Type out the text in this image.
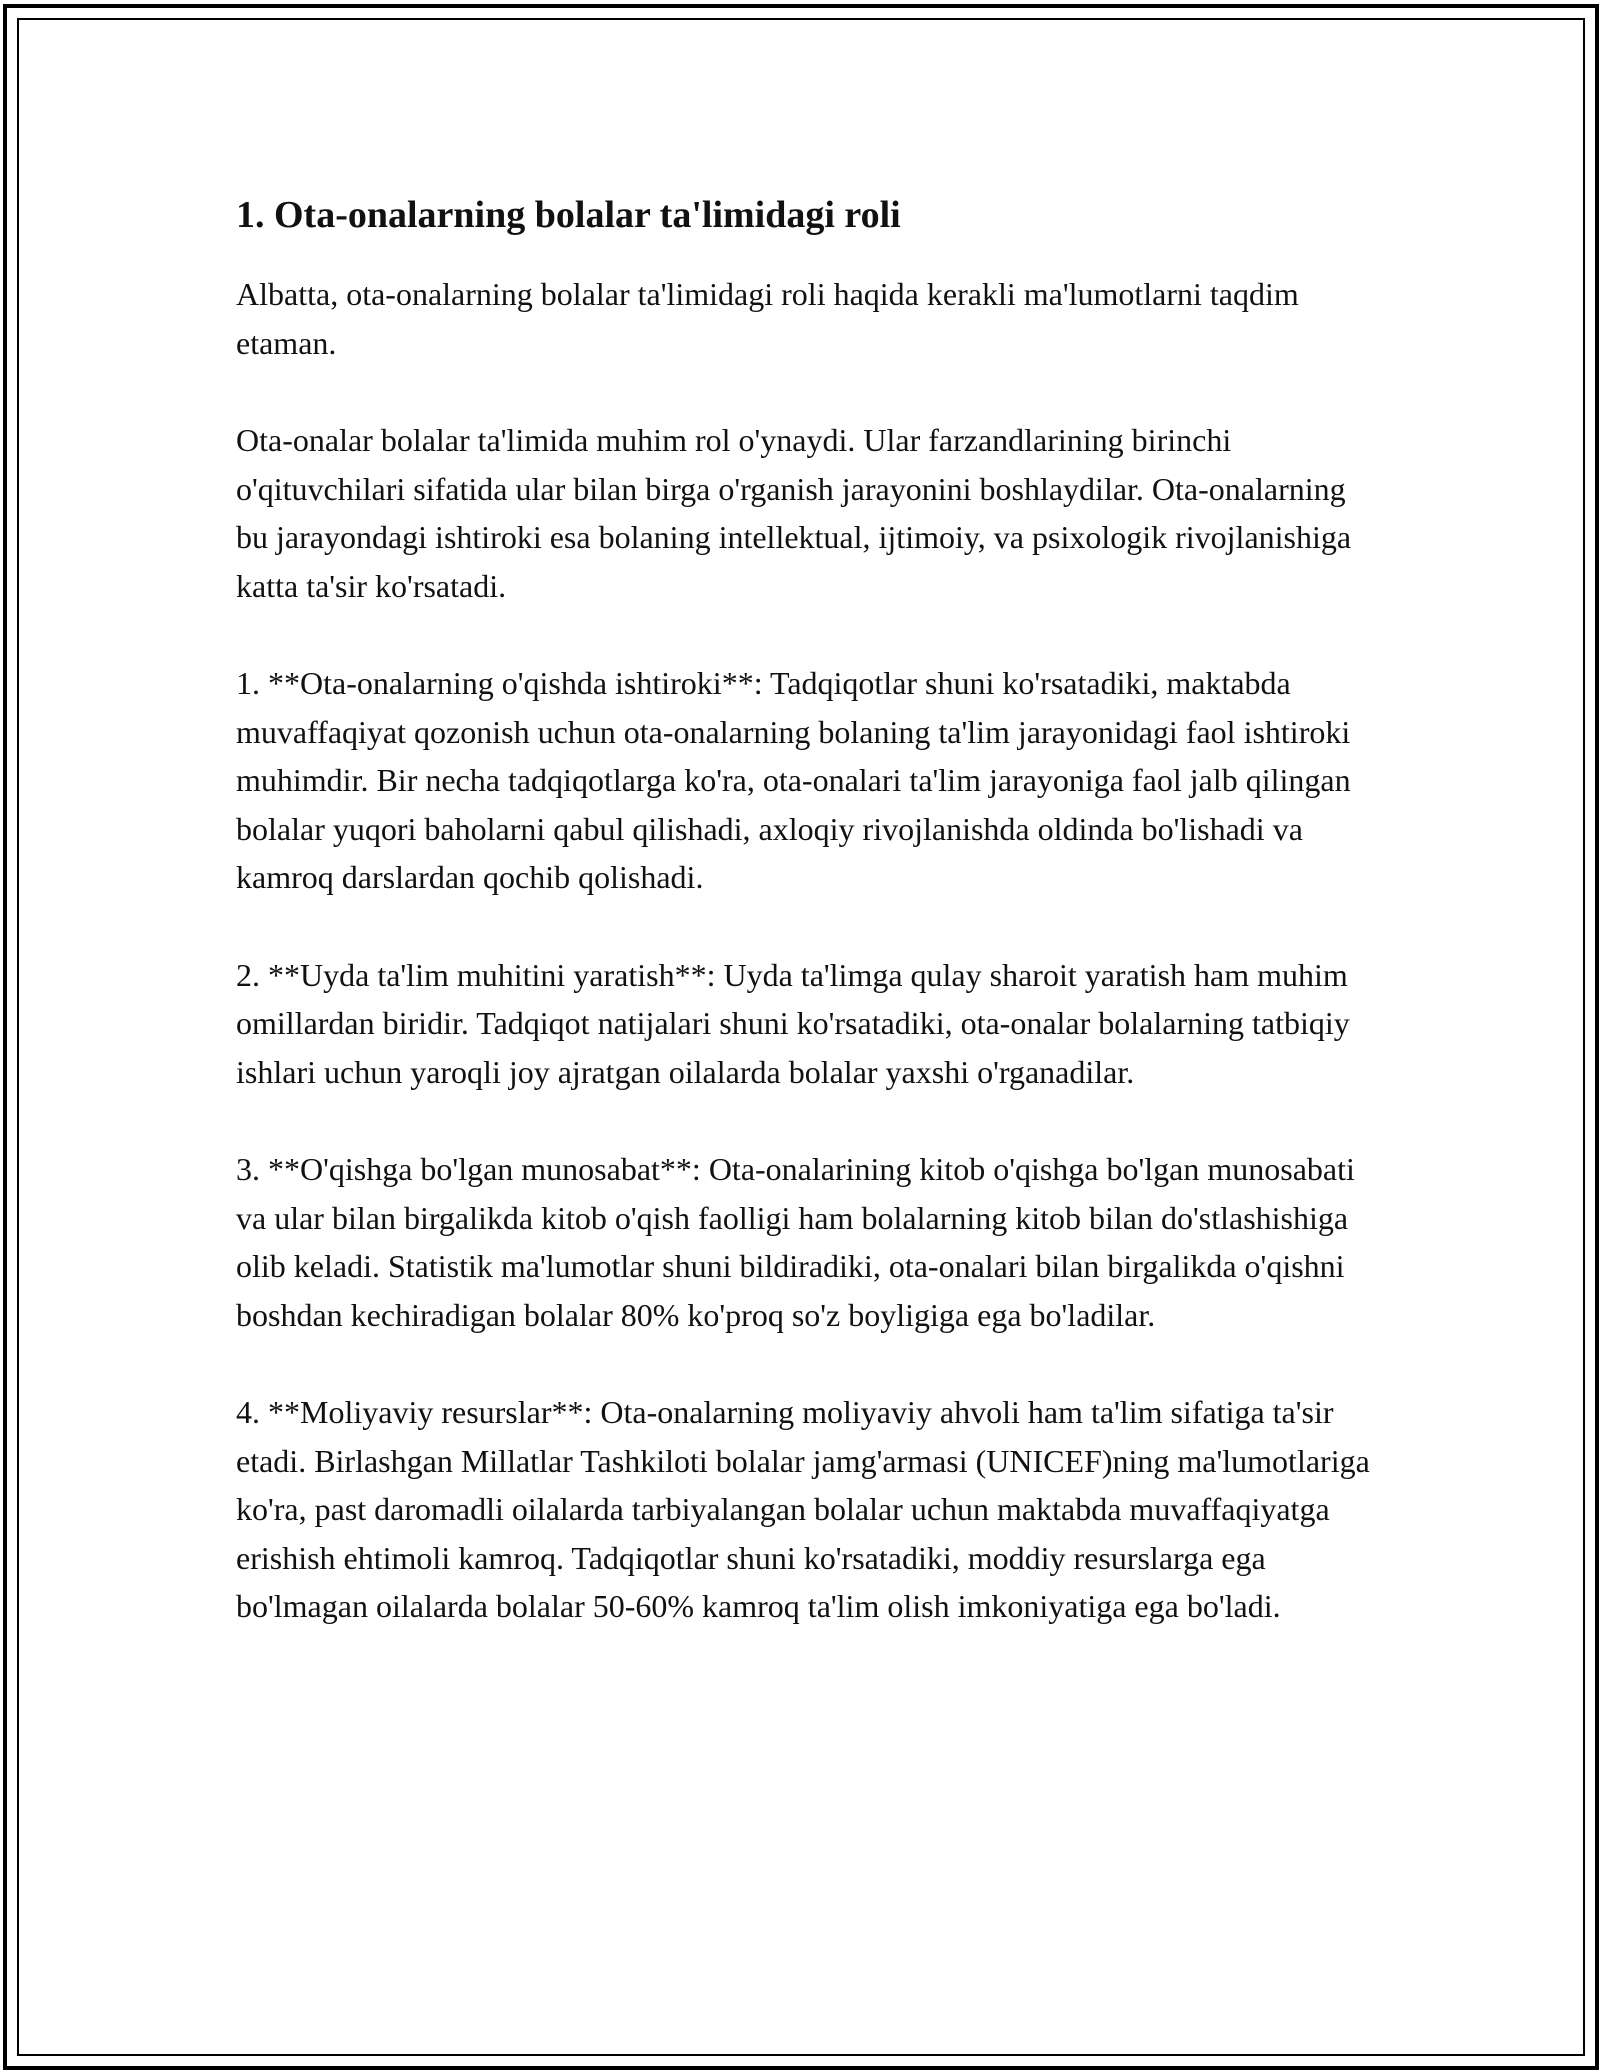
1. Ota-onalarning bolalar ta'limidagi roli

Albatta, ota-onalarning bolalar ta'limidagi roli haqida kerakli ma'lumotlarni taqdim etaman.

Ota-onalar bolalar ta'limida muhim rol o'ynaydi. Ular farzandlarining birinchi o'qituvchilari sifatida ular bilan birga o'rganish jarayonini boshlaydilar. Ota-onalarning bu jarayondagi ishtiroki esa bolaning intellektual, ijtimoiy, va psixologik rivojlanishiga katta ta'sir ko'rsatadi.

1. **Ota-onalarning o'qishda ishtiroki**: Tadqiqotlar shuni ko'rsatadiki, maktabda muvaffaqiyat qozonish uchun ota-onalarning bolaning ta'lim jarayonidagi faol ishtiroki muhimdir. Bir necha tadqiqotlarga ko'ra, ota-onalari ta'lim jarayoniga faol jalb qilingan bolalar yuqori baholarni qabul qilishadi, axloqiy rivojlanishda oldinda bo'lishadi va kamroq darslardan qochib qolishadi.

2. **Uyda ta'lim muhitini yaratish**: Uyda ta'limga qulay sharoit yaratish ham muhim omillardan biridir. Tadqiqot natijalari shuni ko'rsatadiki, ota-onalar bolalarning tatbiqiy ishlari uchun yaroqli joy ajratgan oilalarda bolalar yaxshi o'rganadilar.

3. **O'qishga bo'lgan munosabat**: Ota-onalarining kitob o'qishga bo'lgan munosabati va ular bilan birgalikda kitob o'qish faolligi ham bolalarning kitob bilan do'stlashishiga olib keladi. Statistik ma'lumotlar shuni bildiradiki, ota-onalari bilan birgalikda o'qishni boshdan kechiradigan bolalar 80% ko'proq so'z boyligiga ega bo'ladilar.

4. **Moliyaviy resurslar**: Ota-onalarning moliyaviy ahvoli ham ta'lim sifatiga ta'sir etadi. Birlashgan Millatlar Tashkiloti bolalar jamg'armasi (UNICEF)ning ma'lumotlariga ko'ra, past daromadli oilalarda tarbiyalangan bolalar uchun maktabda muvaffaqiyatga erishish ehtimoli kamroq. Tadqiqotlar shuni ko'rsatadiki, moddiy resurslarga ega bo'lmagan oilalarda bolalar 50-60% kamroq ta'lim olish imkoniyatiga ega bo'ladi.
